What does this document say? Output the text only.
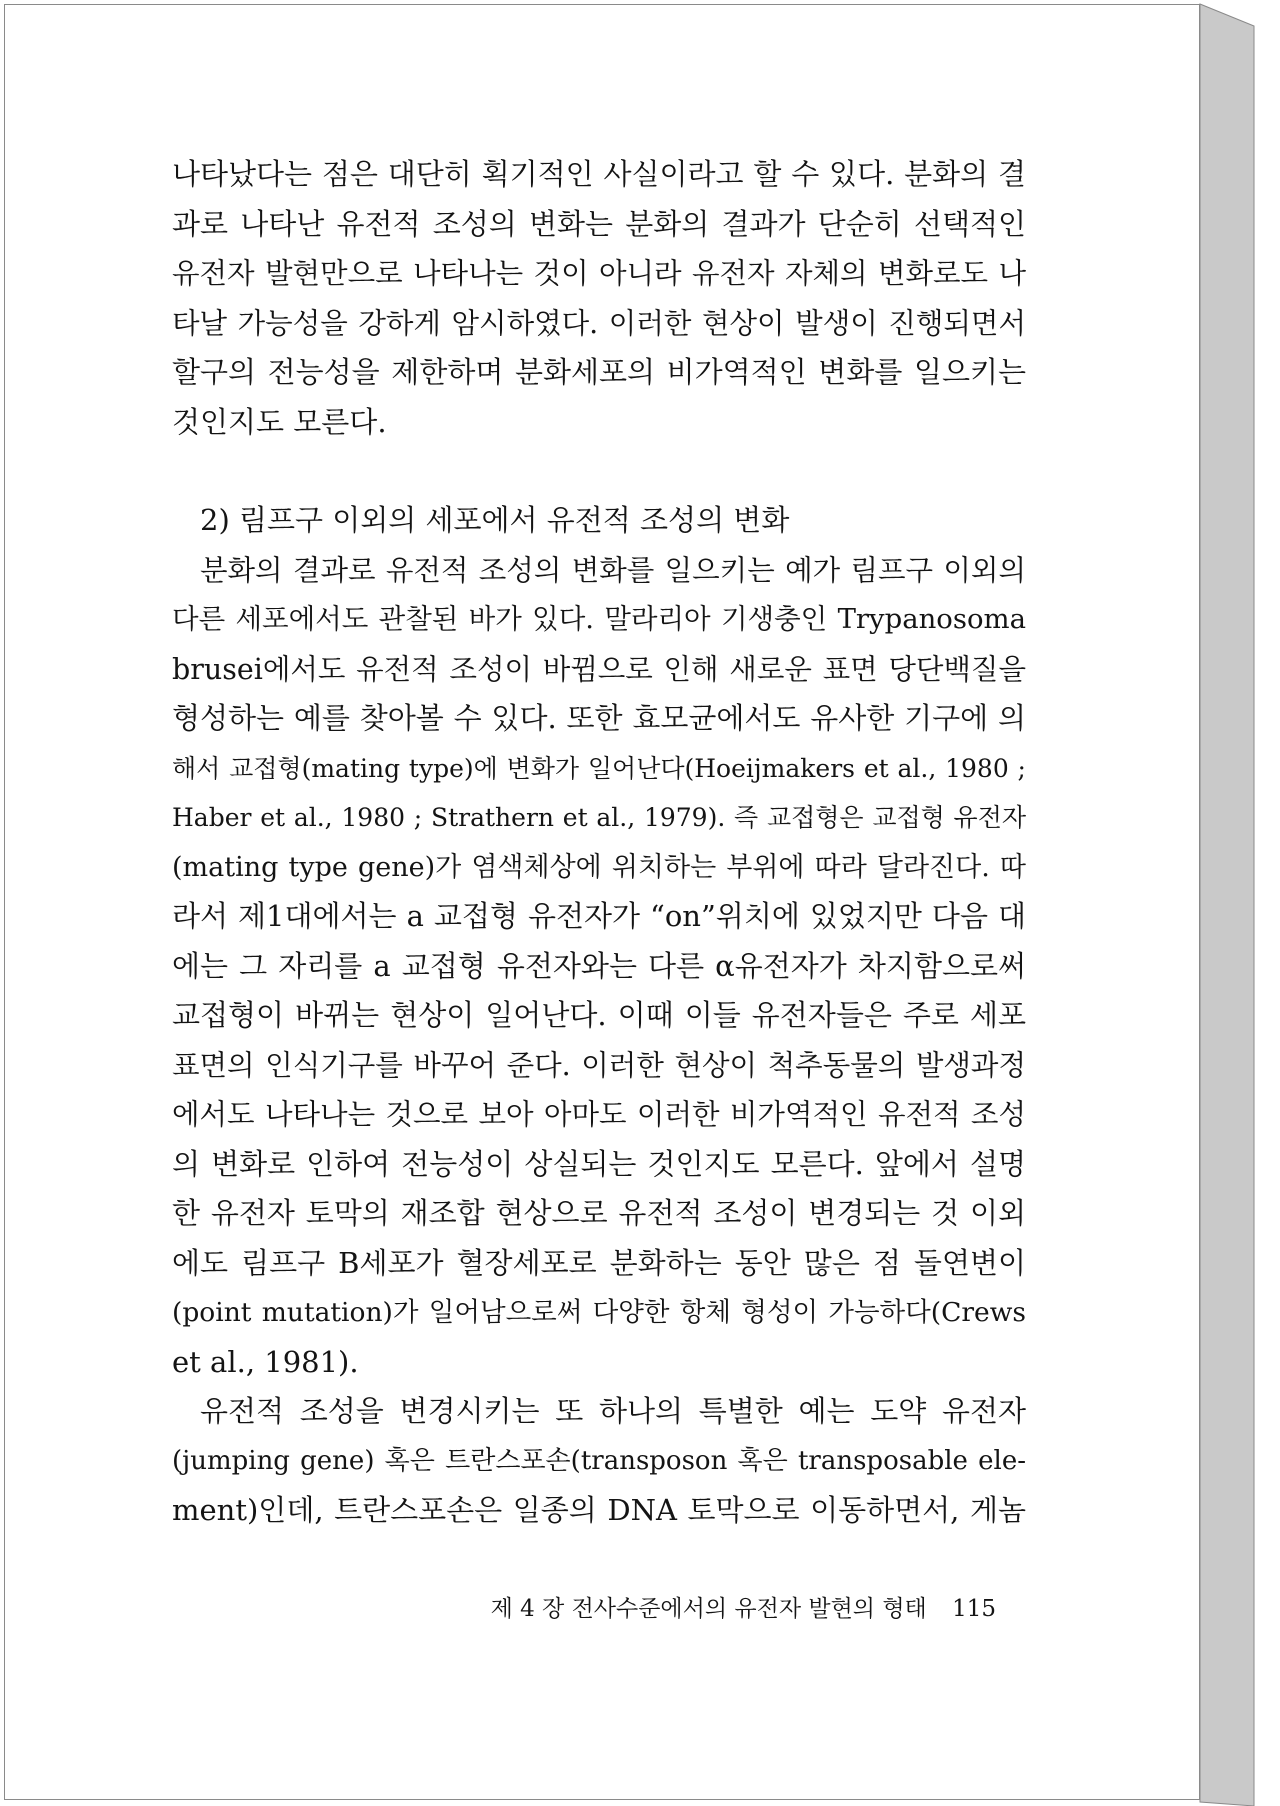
나타났다는 점은 대단히 획기적인 사실이라고 할 수 있다. 분화의 결
과로 나타난 유전적 조성의 변화는 분화의 결과가 단순히 선택적인
유전자 발현만으로 나타나는 것이 아니라 유전자 자체의 변화로도 나
타날 가능성을 강하게 암시하였다. 이러한 현상이 발생이 진행되면서
할구의 전능성을 제한하며 분화세포의 비가역적인 변화를 일으키는
것인지도 모른다.
2) 림프구 이외의 세포에서 유전적 조성의 변화
분화의 결과로 유전적 조성의 변화를 일으키는 예가 림프구 이외의
다른 세포에서도 관찰된 바가 있다. 말라리아 기생충인 Trypanosoma
brusei에서도 유전적 조성이 바뀜으로 인해 새로운 표면 당단백질을
형성하는 예를 찾아볼 수 있다. 또한 효모균에서도 유사한 기구에 의
해서 교접형(mating type)에 변화가 일어난다(Hoeijmakers et al., 1980 ;
Haber et al., 1980 ; Strathern et al., 1979). 즉 교접형은 교접형 유전자
(mating type gene)가 염색체상에 위치하는 부위에 따라 달라진다. 따
라서 제1대에서는 a 교접형 유전자가 “on”위치에 있었지만 다음 대
에는 그 자리를 a 교접형 유전자와는 다른 α유전자가 차지함으로써
교접형이 바뀌는 현상이 일어난다. 이때 이들 유전자들은 주로 세포
표면의 인식기구를 바꾸어 준다. 이러한 현상이 척추동물의 발생과정
에서도 나타나는 것으로 보아 아마도 이러한 비가역적인 유전적 조성
의 변화로 인하여 전능성이 상실되는 것인지도 모른다. 앞에서 설명
한 유전자 토막의 재조합 현상으로 유전적 조성이 변경되는 것 이외
에도 림프구 B세포가 혈장세포로 분화하는 동안 많은 점 돌연변이
(point mutation)가 일어남으로써 다양한 항체 형성이 가능하다(Crews
et al., 1981).
유전적 조성을 변경시키는 또 하나의 특별한 예는 도약 유전자
(jumping gene) 혹은 트란스포손(transposon 혹은 transposable ele-
ment)인데, 트란스포손은 일종의 DNA 토막으로 이동하면서, 게놈
제 4 장 전사수준에서의 유전자 발현의 형태 115
